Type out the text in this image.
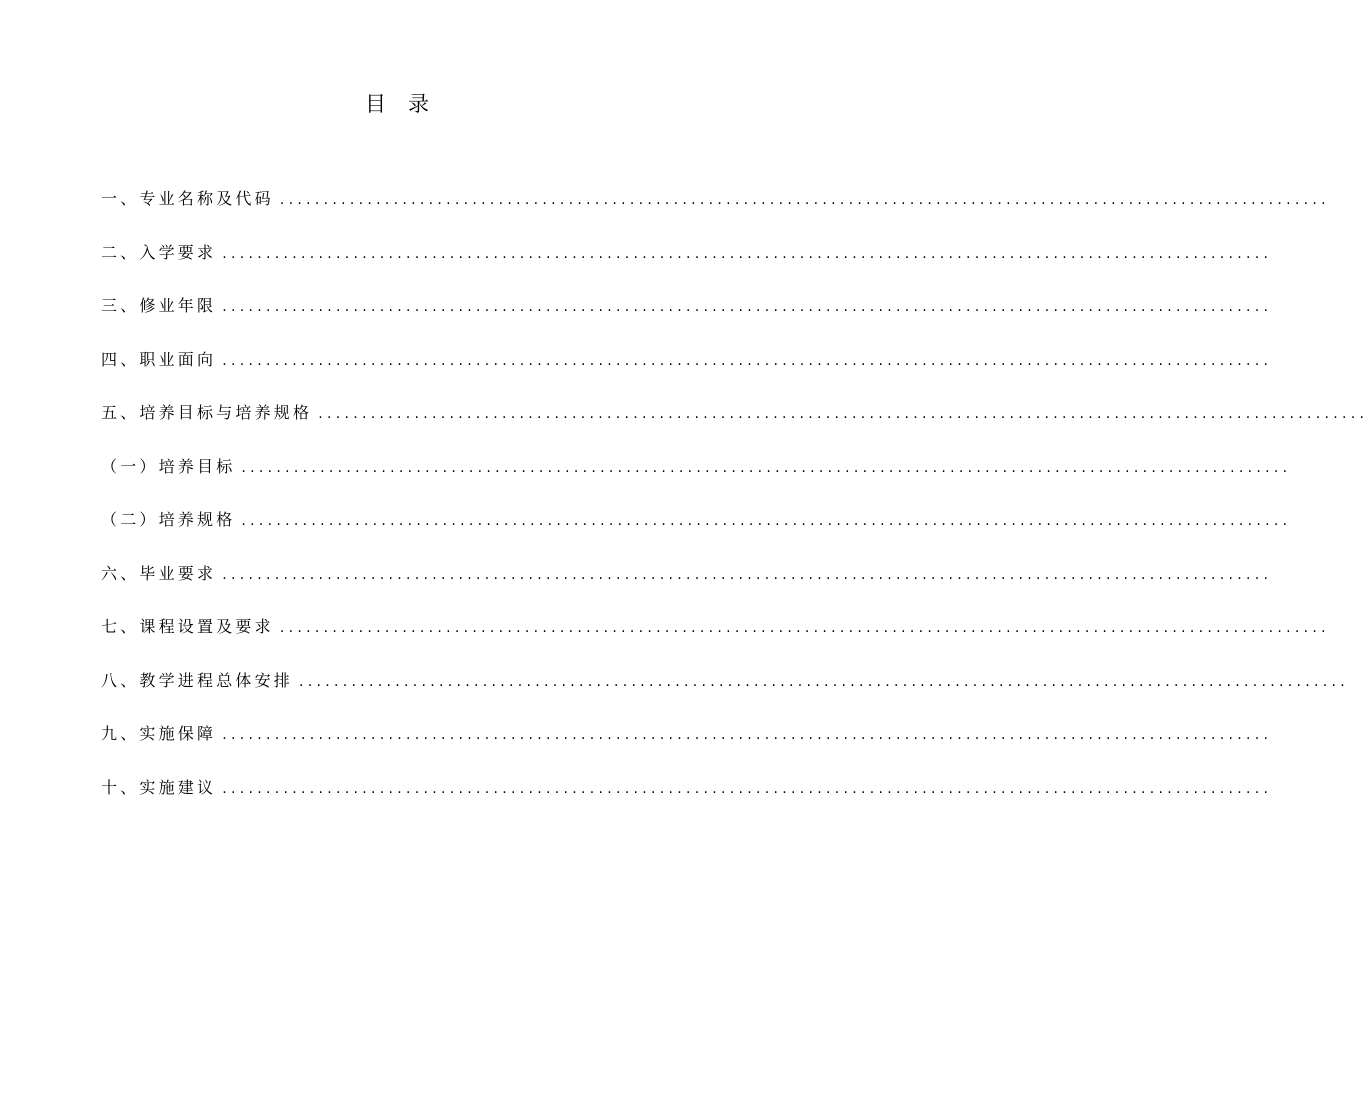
目 录
一、专业名称及代码 ........................................................................................................................
二、入学要求 ........................................................................................................................
三、修业年限 ........................................................................................................................
四、职业面向 ........................................................................................................................
五、培养目标与培养规格 ........................................................................................................................
（一）培养目标 ........................................................................................................................
（二）培养规格 ........................................................................................................................
六、毕业要求 ........................................................................................................................
七、课程设置及要求 ........................................................................................................................
八、教学进程总体安排 ........................................................................................................................
九、实施保障 ........................................................................................................................
十、实施建议 ........................................................................................................................
